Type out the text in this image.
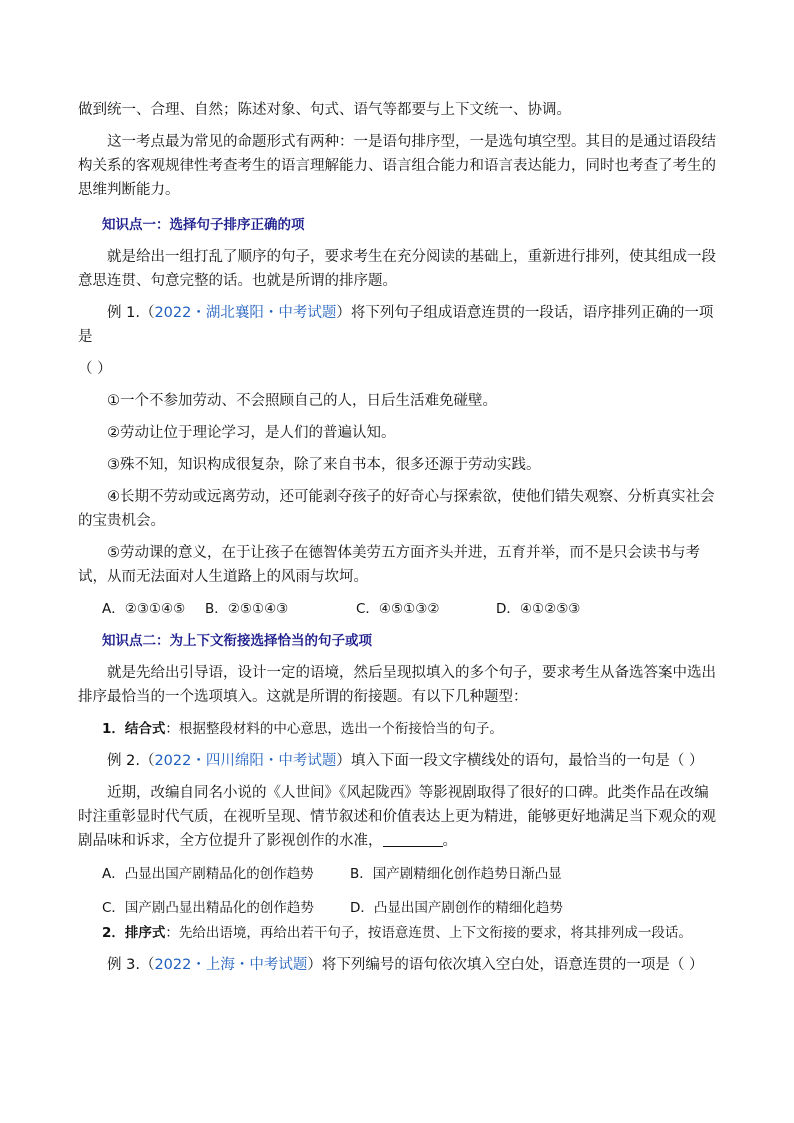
做到统一、合理、自然；陈述对象、句式、语气等都要与上下文统一、协调。

这一考点最为常见的命题形式有两种：一是语句排序型，一是选句填空型。其目的是通过语段结构关系的客观规律性考查考生的语言理解能力、语言组合能力和语言表达能力，同时也考查了考生的思维判断能力。

知识点一：选择句子排序正确的项

就是给出一组打乱了顺序的句子，要求考生在充分阅读的基础上，重新进行排列，使其组成一段意思连贯、句意完整的话。也就是所谓的排序题。

例 1.（2022・湖北襄阳・中考试题）将下列句子组成语意连贯的一段话，语序排列正确的一项是

（ ）

①一个不参加劳动、不会照顾自己的人，日后生活难免碰壁。

②劳动让位于理论学习，是人们的普遍认知。

③殊不知，知识构成很复杂，除了来自书本，很多还源于劳动实践。

④长期不劳动或远离劳动，还可能剥夺孩子的好奇心与探索欲，使他们错失观察、分析真实社会的宝贵机会。

⑤劳动课的意义，在于让孩子在德智体美劳五方面齐头并进，五育并举，而不是只会读书与考试，从而无法面对人生道路上的风雨与坎坷。

A．②③①④⑤	B．②⑤①④③	C．④⑤①③②	D．④①②⑤③

知识点二：为上下文衔接选择恰当的句子或项

就是先给出引导语，设计一定的语境，然后呈现拟填入的多个句子，要求考生从备选答案中选出排序最恰当的一个选项填入。这就是所谓的衔接题。有以下几种题型：

1．结合式：根据整段材料的中心意思，选出一个衔接恰当的句子。

例 2.（2022・四川绵阳・中考试题）填入下面一段文字横线处的语句，最恰当的一句是（ ）

近期，改编自同名小说的《人世间》《风起陇西》等影视剧取得了很好的口碑。此类作品在改编时注重彰显时代气质，在视听呈现、情节叙述和价值表达上更为精进，能够更好地满足当下观众的观剧品味和诉求，全方位提升了影视创作的水准，	。

A．凸显出国产剧精品化的创作趋势	B．国产剧精细化创作趋势日渐凸显
C．国产剧凸显出精品化的创作趋势	D．凸显出国产剧创作的精细化趋势

2．排序式：先给出语境，再给出若干句子，按语意连贯、上下文衔接的要求，将其排列成一段话。

例 3.（2022・上海・中考试题）将下列编号的语句依次填入空白处，语意连贯的一项是（ ）
